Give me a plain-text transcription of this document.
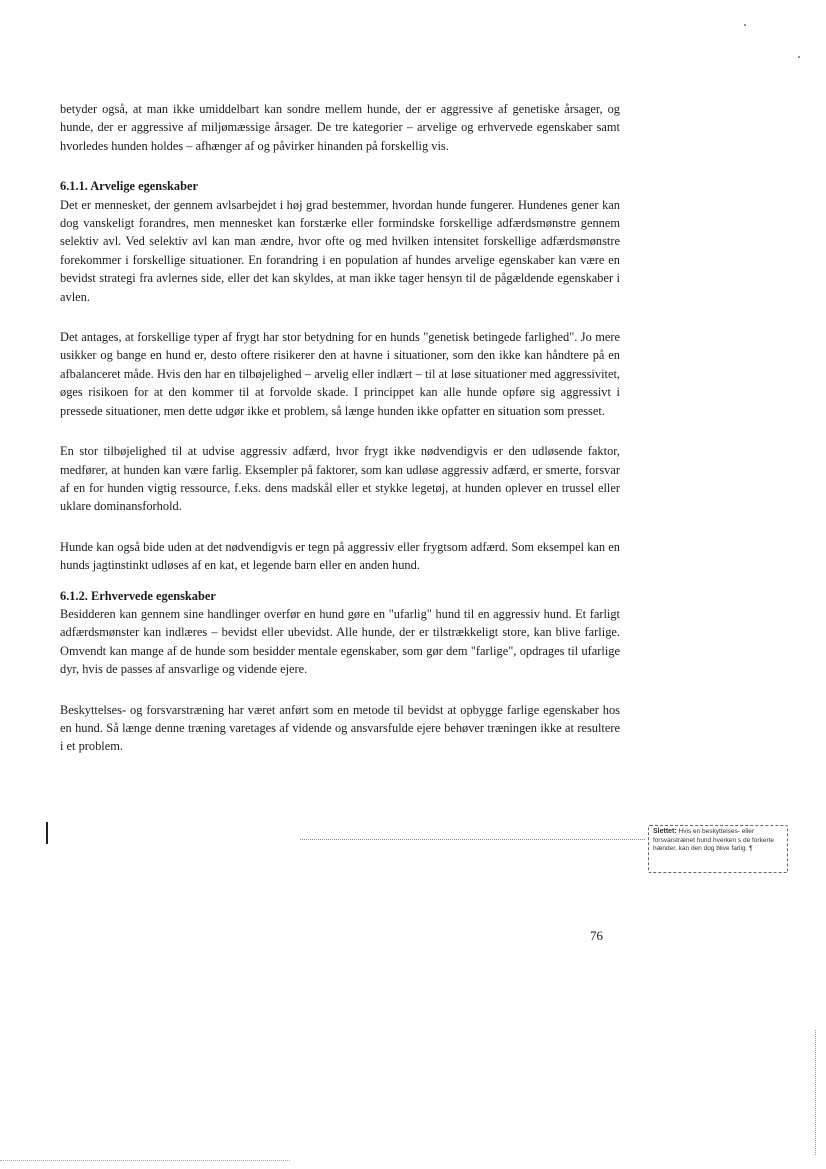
betyder også, at man ikke umiddelbart kan sondre mellem hunde, der er aggressive af genetiske årsager, og hunde, der er aggressive af miljømæssige årsager. De tre kategorier – arvelige og erhvervede egenskaber samt hvorledes hunden holdes – afhænger af og påvirker hinanden på forskellig vis.

6.1.1. Arvelige egenskaber

Det er mennesket, der gennem avlsarbejdet i høj grad bestemmer, hvordan hunde fungerer. Hundenes gener kan dog vanskeligt forandres, men mennesket kan forstærke eller formindske forskellige adfærdsmønstre gennem selektiv avl. Ved selektiv avl kan man ændre, hvor ofte og med hvilken intensitet forskellige adfærdsmønstre forekommer i forskellige situationer. En forandring i en population af hundes arvelige egenskaber kan være en bevidst strategi fra avlernes side, eller det kan skyldes, at man ikke tager hensyn til de pågældende egenskaber i avlen.

Det antages, at forskellige typer af frygt har stor betydning for en hunds "genetisk betingede farlighed". Jo mere usikker og bange en hund er, desto oftere risikerer den at havne i situationer, som den ikke kan håndtere på en afbalanceret måde. Hvis den har en tilbøjelighed – arvelig eller indlært – til at løse situationer med aggressivitet, øges risikoen for at den kommer til at forvolde skade. I princippet kan alle hunde opføre sig aggressivt i pressede situationer, men dette udgør ikke et problem, så længe hunden ikke opfatter en situation som presset.

En stor tilbøjelighed til at udvise aggressiv adfærd, hvor frygt ikke nødvendigvis er den udløsende faktor, medfører, at hunden kan være farlig. Eksempler på faktorer, som kan udløse aggressiv adfærd, er smerte, forsvar af en for hunden vigtig ressource, f.eks. dens madskål eller et stykke legetøj, at hunden oplever en trussel eller uklare dominansforhold.

Hunde kan også bide uden at det nødvendigvis er tegn på aggressiv eller frygtsom adfærd. Som eksempel kan en hunds jagtinstinkt udløses af en kat, et legende barn eller en anden hund.

6.1.2. Erhvervede egenskaber

Besidderen kan gennem sine handlinger overfør en hund gøre en "ufarlig" hund til en aggressiv hund. Et farligt adfærdsmønster kan indlæres – bevidst eller ubevidst. Alle hunde, der er tilstrækkeligt store, kan blive farlige. Omvendt kan mange af de hunde som besidder mentale egenskaber, som gør dem "farlige", opdrages til ufarlige dyr, hvis de passes af ansvarlige og vidende ejere.

Beskyttelses- og forsvarstræning har været anført som en metode til bevidst at opbygge farlige egenskaber hos en hund. Så længe denne træning varetages af vidende og ansvarsfulde ejere behøver træningen ikke at resultere i et problem.

Slettet: Hvis en beskyttelses- eller forsvarstrænet hund hverken s de forkerte hænder, kan den dog blive farlig. ¶
76
